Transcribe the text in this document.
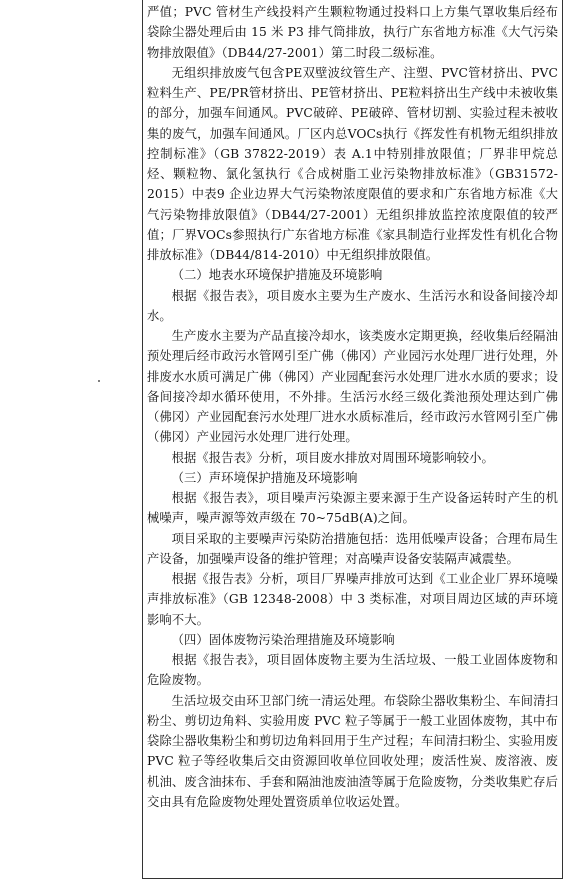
严值；PVC 管材生产线投料产生颗粒物通过投料口上方集气罩收集后经布袋除尘器处理后由 15 米 P3 排气筒排放，执行广东省地方标准《大气污染物排放限值》（DB44/27-2001）第二时段二级标准。

无组织排放废气包含PE双壁波纹管生产、注塑、PVC管材挤出、PVC粒料生产、PE/PR管材挤出、PE管材挤出、PE粒料挤出生产线中未被收集的部分，加强车间通风。PVC破碎、PE破碎、管材切割、实验过程未被收集的废气，加强车间通风。厂区内总VOCs执行《挥发性有机物无组织排放控制标准》（GB 37822-2019）表 A.1中特别排放限值；厂界非甲烷总烃、颗粒物、氯化氢执行《合成树脂工业污染物排放标准》（GB31572-2015）中表9 企业边界大气污染物浓度限值的要求和广东省地方标准《大气污染物排放限值》（DB44/27-2001）无组织排放监控浓度限值的较严值；厂界VOCs参照执行广东省地方标准《家具制造行业挥发性有机化合物排放标准》（DB44/814-2010）中无组织排放限值。

（二）地表水环境保护措施及环境影响

根据《报告表》，项目废水主要为生产废水、生活污水和设备间接冷却水。

生产废水主要为产品直接冷却水，该类废水定期更换，经收集后经隔油预处理后经市政污水管网引至广佛（佛冈）产业园污水处理厂进行处理，外排废水水质可满足广佛（佛冈）产业园配套污水处理厂进水水质的要求；设备间接冷却水循环使用，不外排。生活污水经三级化粪池预处理达到广佛（佛冈）产业园配套污水处理厂进水水质标准后，经市政污水管网引至广佛（佛冈）产业园污水处理厂进行处理。

根据《报告表》分析，项目废水排放对周围环境影响较小。

（三）声环境保护措施及环境影响

根据《报告表》，项目噪声污染源主要来源于生产设备运转时产生的机械噪声，噪声源等效声级在 70~75dB(A)之间。

项目采取的主要噪声污染防治措施包括：选用低噪声设备；合理布局生产设备，加强噪声设备的维护管理；对高噪声设备安装隔声减震垫。

根据《报告表》分析，项目厂界噪声排放可达到《工业企业厂界环境噪声排放标准》（GB 12348-2008）中 3 类标准，对项目周边区域的声环境影响不大。

（四）固体废物污染治理措施及环境影响

根据《报告表》，项目固体废物主要为生活垃圾、一般工业固体废物和危险废物。

生活垃圾交由环卫部门统一清运处理。布袋除尘器收集粉尘、车间清扫粉尘、剪切边角料、实验用废 PVC 粒子等属于一般工业固体废物，其中布袋除尘器收集粉尘和剪切边角料回用于生产过程；车间清扫粉尘、实验用废 PVC 粒子等经收集后交由资源回收单位回收处理；废活性炭、废溶液、废机油、废含油抹布、手套和隔油池废油渣等属于危险废物，分类收集贮存后交由具有危险废物处理处置资质单位收运处置。
